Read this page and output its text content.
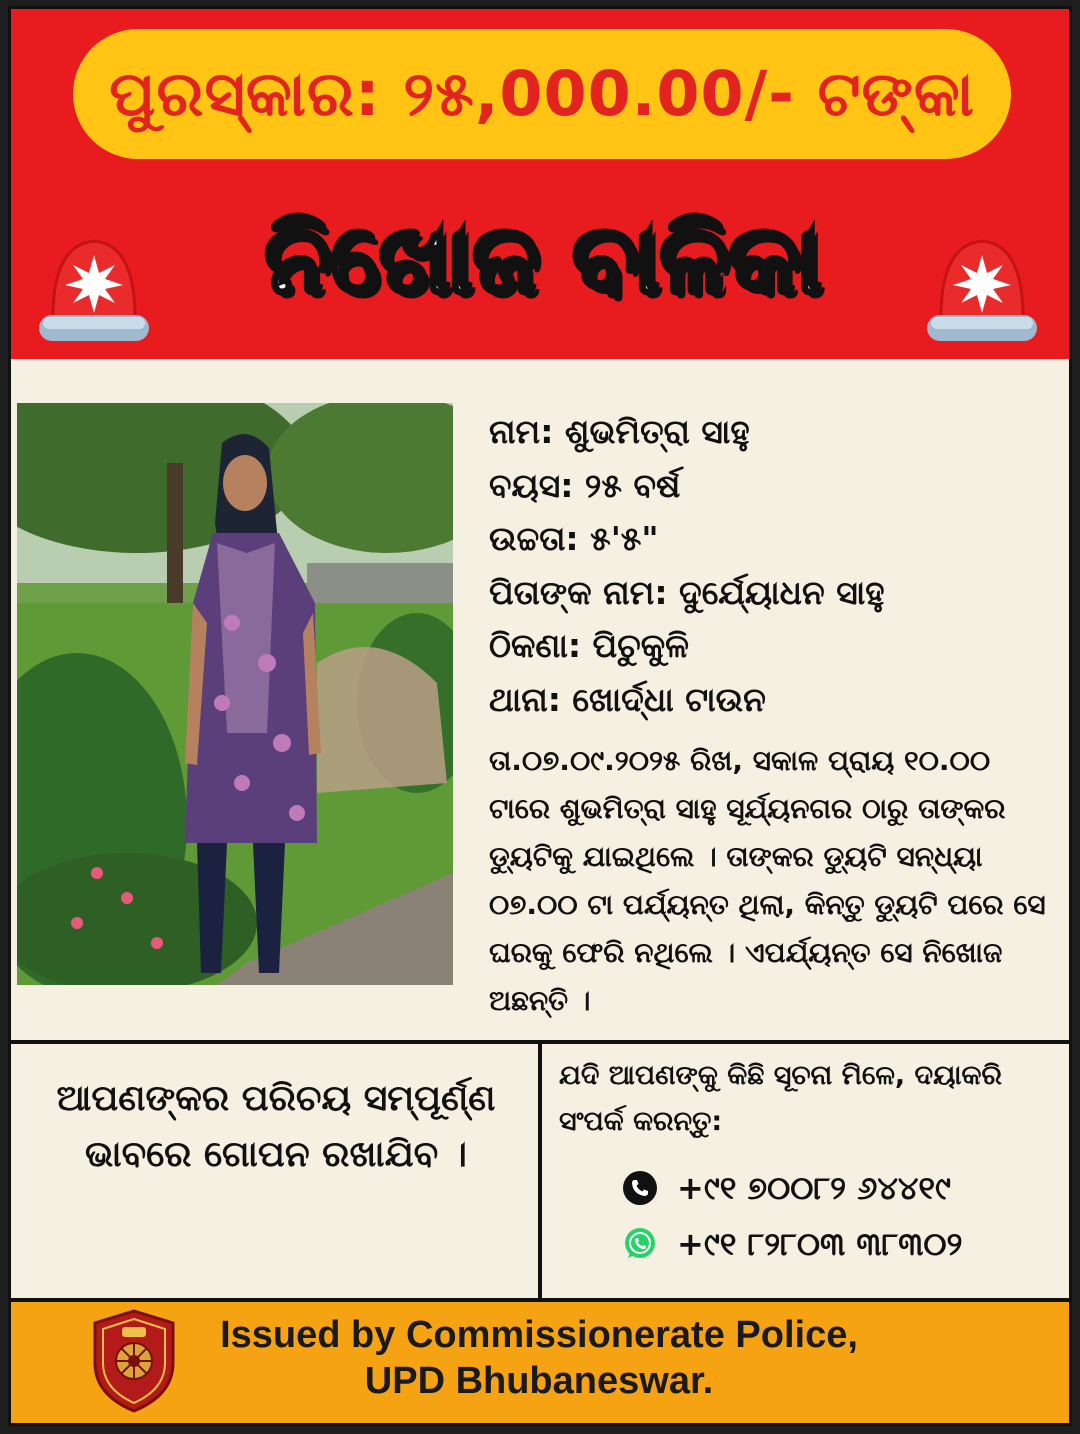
ପୁରସ୍କାର: ୨୫,000.00/- ଟଙ୍କା
ନିଖୋଜ ବାଳିକା
ନାମ: ଶୁଭମିତ୍ରା ସାହୁ
ବୟସ: ୨୫ ବର୍ଷ
ଉଚ୍ଚତା: ୫'୫"
ପିତାଙ୍କ ନାମ: ଦୁର୍ଯ୍ୟୋଧନ ସାହୁ
ଠିକଣା: ପିଚୁକୁଳି
ଥାନା: ଖୋର୍ଦ୍ଧା ଟାଉନ

ତା.୦୭.୦୯.୨୦୨୫ ରିଖ, ସକାଳ ପ୍ରାୟ ୧୦.୦୦ ଟାରେ ଶୁଭମିତ୍ରା ସାହୁ ସୂର୍ଯ୍ୟନଗର ଠାରୁ ତାଙ୍କର ଡ୍ୟୁଟିକୁ ଯାଇଥିଲେ । ତାଙ୍କର ଡ୍ୟୁଟି ସନ୍ଧ୍ୟା ୦୭.୦୦ ଟା ପର୍ଯ୍ୟନ୍ତ ଥିଲା, କିନ୍ତୁ ଡ୍ୟୁଟି ପରେ ସେ ଘରକୁ ଫେରି ନଥିଲେ । ଏପର୍ଯ୍ୟନ୍ତ ସେ ନିଖୋଜ ଅଛନ୍ତି ।

ଆପଣଙ୍କର ପରିଚୟ ସମ୍ପୂର୍ଣ୍ଣ ଭାବରେ ଗୋପନ ରଖାଯିବ ।

ଯଦି ଆପଣଙ୍କୁ କିଛି ସୂଚନା ମିଳେ, ଦୟାକରି ସଂପର୍କ କରନ୍ତୁ:

+୯୧ ୭୦୦୮୨ ୬୪୪୧୯
+୯୧ ୮୨୮୦୩ ୩୮୩୦୨

Issued by Commissionerate Police,
UPD Bhubaneswar.
